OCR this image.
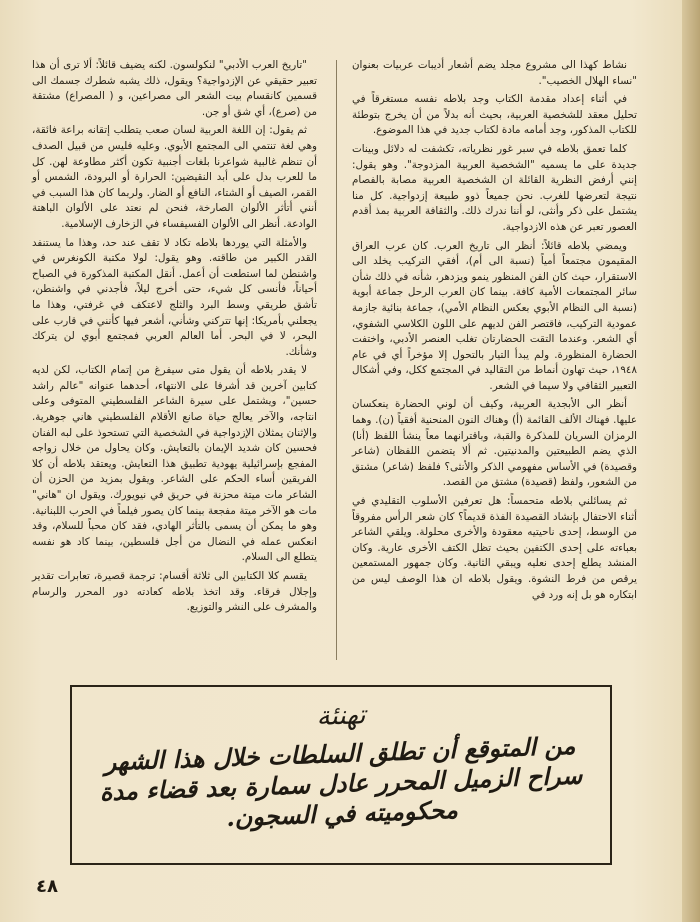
نشاط كهذا الى مشروع مجلد يضم أشعار أديبات عربيات بعنوان "نساء الهلال الخصيب".

في أثناء إعداد مقدمة الكتاب وجد بلاطه نفسه مستغرقاً في تحليل معقد للشخصية العربية، بحيث أنه بدلاً من أن يخرج بتوطئة للكتاب المذكور، وجد أمامه مادة لكتاب جديد في هذا الموضوع.

كلما تعمق بلاطه في سبر غور نظرياته، تكشفت له دلائل وبينات جديدة على ما يسميه "الشخصية العربية المزدوجة". وهو يقول: إنني أرفض النظرية القائلة ان الشخصية العربية مصابة بالفصام نتيجة لتعرضها للغرب. نحن جميعاً ذوو طبيعة إزدواجية. كل منا يشتمل على ذكر وأنثى، لو أننا ندرك ذلك. والثقافة العربية بمذ أقدم العصور تعبر عن هذه الازدواجية.

ويمضي بلاطه قائلاً: أنظر الى تاريخ العرب. كان عرب العراق المقيمون مجتمعاً أمياً (نسبة الى أم)، أفقي التركيب يخلد الى الاستقرار، حيث كان الفن المنظور ينمو ويزدهر، شأنه في ذلك شأن سائر المجتمعات الأمية كافة. بينما كان العرب الرحل جماعة أبوية (نسبة الى النظام الأبوي بعكس النظام الأمي)، جماعة بنائية جازمة عمودية التركيب، فاقتصر الفن لديهم على اللون الكلاسي الشفوي، أي الشعر. وعندما التقت الحضارتان تغلب العنصر الأدبي، واختفت الحضارة المنظورة. ولم يبدأ التيار بالتحول إلا مؤخراً أي في عام ١٩٤٨، حيث تهاون أنماط من التقاليد في المجتمع ككل، وفي أشكال التعبير الثقافي ولا سيما في الشعر.

أنظر الى الأبجدية العربية، وكيف أن لوني الحضارة ينعكسان عليها. فهناك الألف القائمة (أ) وهناك النون المنحنية أفقياً (ن). وهما الرمزان السريان للمذكرة والقبة، وباقترانهما معاً ينشأ اللفظ (أنا) الذي يضم الطبيعتين والمدنيتين. ثم ألا يتضمن اللفظان (شاعر وقصيدة) في الأساس مفهومي الذكر والأنثى؟ فلفظ (شاعر) مشتق من الشعور، ولفظ (قصيدة) مشتق من القصد.

ثم يسائلني بلاطه متحمساً: هل تعرفين الأسلوب التقليدي في أثناء الاحتفال بإنشاد القصيدة الفذة قديماً؟ كان شعر الرأس مفروقاً من الوسط، إحدى ناحيتيه معقودة والأخرى محلولة. ويلقي الشاعر بعباءته على إحدى الكتفين بحيث تظل الكتف الأخرى عارية. وكان المنشد يطلع إحدى نعليه ويبقي الثانية. وكان جمهور المستمعين يرقص من فرط النشوة. ويقول بلاطه ان هذا الوصف ليس من ابتكاره هو بل إنه ورد في

"تاريخ العرب الأدبي" لنكولسون. لكنه يضيف قائلاً: ألا ترى أن هذا تعبير حقيقي عن الإزدواجية؟ ويقول، ذلك يشبه شطرك جسمك الى قسمين كانقسام بيت الشعر الى مصراعين، و ( المصراع) مشتقة من (صرع)، أي شق أو جن.

ثم يقول: إن اللغة العربية لسان صعب يتطلب إتقانه براعة فائقة، وهي لغة تنتمي الى المجتمع الأبوي. وعليه فليس من قبيل الصدف أن تنظم غالبية شواعرنا بلغات أجنبية تكون أكثر مطاوعة لهن. كل ما للعرب بدل على أبد النقيضين: الحرارة أو البرودة، الشمس أو القمر، الصيف أو الشتاء، النافع أو الضار. ولربما كان هذا السبب في أنني أتأثر الألوان الصارخة، فنحن لم نعتد على الألوان الباهتة الوادعة. أنظر الى الألوان الفسيفساء في الزخارف الإسلامية.

والأمثلة التي يوردها بلاطه تكاد لا تقف عند حد، وهذا ما يستنفد القدر الكبير من طاقته. وهو يقول: لولا مكتبة الكونغرس في واشنطن لما استطعت أن أعمل. أنقل المكتبة المذكورة في الصباح أحياناً، فأنسى كل شيء، حتى أخرج ليلاً، فأجدني في واشنطن، تأشق طريقي وسط البرد والثلج لاعتكف في غرفتي، وهذا ما يجعلني بأمريكا: إنها تتركني وشأني، أشعر فيها كأنني في قارب على البحر، لا في البحر. أما العالم العربي فمجتمع أبوي لن يتركك وشأنك.

لا يقدر بلاطه أن يقول متى سيفرغ من إتمام الكتاب، لكن لديه كتابين آخرين قد أشرفا على الانتهاء، أحدهما عنوانه "عالم راشد حسين"، ويشتمل على سيرة الشاعر الفلسطيني المتوفى وعلى انتاجه، والآخر يعالج حياة صانع الأقلام الفلسطيني هاني جوهرية. والإثنان يمثلان الإزدواجية في الشخصية التي تستحوذ على لبه الفنان فحسين كان شديد الإيمان بالتعايش. وكان يحاول من خلال زواجه المفجع بإسرائيلية يهودية تطبيق هذا التعايش. ويعتقد بلاطه أن كلا الفريقين أساء الحكم على الشاعر. ويقول بمزيد من الحزن أن الشاعر مات ميتة محزنة في حريق في نيويورك. ويقول ان "هاني" مات هو الآخر ميتة مفجعة بينما كان يصور فيلماً في الحرب اللبنانية. وهو ما يمكن أن يسمى بالتأثر الهادي، فقد كان محباً للسلام، وقد انعكس عمله في النضال من أجل فلسطين، بينما كاد هو نفسه يتطلع الى السلام.

يقسم كلا الكتابين الى ثلاثة أقسام: ترجمة قصيرة، تعابرات تقدير وإجلال فرقاء. وقد اتخذ بلاطه كعادته دور المحرر والرسام والمشرف على النشر والتوزيع.

تهنئة
من المتوقع أن تطلق السلطات خلال هذا الشهر سراح الزميل المحرر عادل سمارة بعد قضاء مدة محكوميته في السجون.
٤٨
